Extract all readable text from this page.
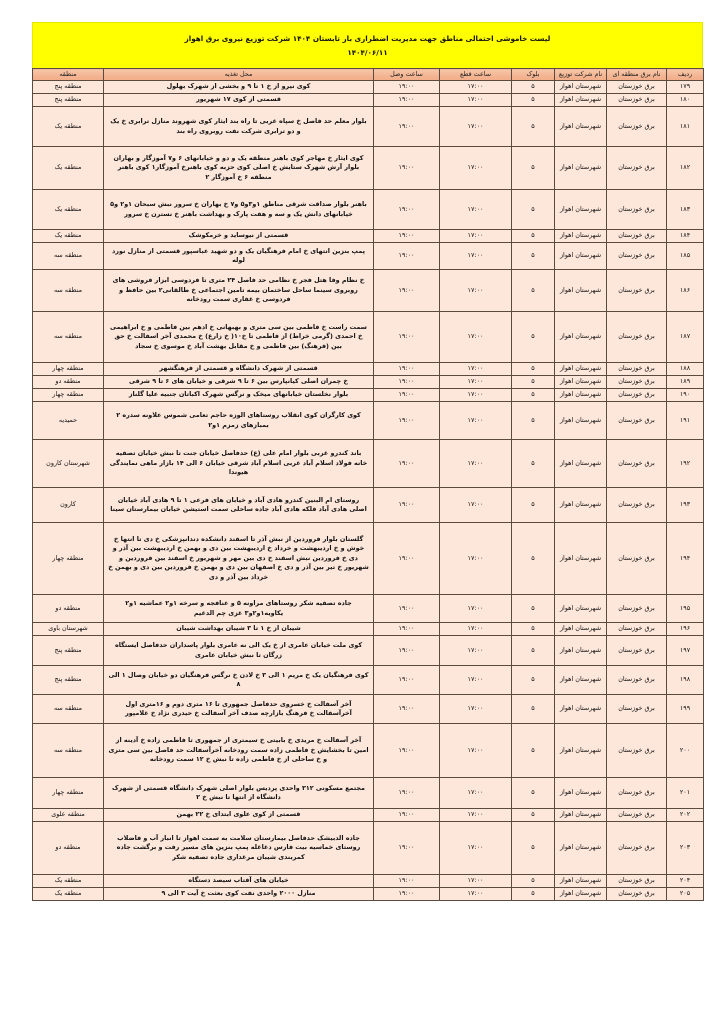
لیست خاموشی احتمالی مناطق جهت مدیریت اضطراری بار تابستان ۱۴۰۴ شرکت توزیع نیروی برق اهواز
۱۴۰۴/۰۶/۱۱
ردیف	نام برق منطقه ای	نام شرکت توزیع	بلوک	ساعت قطع	ساعت وصل	محل تغذیه	منطقه
۱۷۹	برق خوزستان	شهرستان اهواز	۵	۱۷:۰۰	۱۹:۰۰	کوی نیرو از خ ۱ تا ۹ و بخشی از شهرک بهلول	منطقه پنج
۱۸۰	برق خوزستان	شهرستان اهواز	۵	۱۷:۰۰	۱۹:۰۰	قسمتی از کوی ۱۷ شهریور	منطقه پنج
۱۸۱	برق خوزستان	شهرستان اهواز	۵	۱۷:۰۰	۱۹:۰۰	بلوار معلم حد فاصل خ سپاه غربی تا راه بند ایثار کوی شهروند منازل ترابری خ یک و دو ترابری شرکت نفت روبروی راه بند	منطقه یک
۱۸۲	برق خوزستان	شهرستان اهواز	۵	۱۷:۰۰	۱۹:۰۰	کوی ایثار خ مهاجر کوی باهنر منطقه یک و دو و خیابانهای ۶ و۷ آموزگار و بهاران بلوار آرش شهرک ستایش خ اصلی کوی حزبه کوی باهنرخ آموزگار۱ کوی باهنر منطقه ۶ خ آموزگار ۲	منطقه یک
۱۸۳	برق خوزستان	شهرستان اهواز	۵	۱۷:۰۰	۱۹:۰۰	باهنر بلوار صداقت شرقی مناطق ۱و۳و۵ و۷ خ بهاران خ سرور نبش سبحان ۱و۲ و۵ خیابانهای دانش یک و سه و هفت پارک و بهداشت باهنر خ نسترن خ سرور	منطقه یک
۱۸۴	برق خوزستان	شهرستان اهواز	۵	۱۷:۰۰	۱۹:۰۰	قسمتی از نیوساید و خرمکوشک	منطقه یک
۱۸۵	برق خوزستان	شهرستان اهواز	۵	۱۷:۰۰	۱۹:۰۰	پمپ بنزین انتهای خ امام فرهنگیان یک و دو شهید عباسپور قسمتی از منازل نورد لوله	منطقه سه
۱۸۶	برق خوزستان	شهرستان اهواز	۵	۱۷:۰۰	۱۹:۰۰	خ نظام وفا هتل فجر خ نظامی حد فاصل ۲۴ متری تا فردوسی ابزار فروشی های روبروی سینما ساحل ساختمان بیمه تامین اجتماعی خ طالقانی۲ بین حافظ و فردوسی خ غفاری سمت رودخانه	منطقه سه
۱۸۷	برق خوزستان	شهرستان اهواز	۵	۱۷:۰۰	۱۹:۰۰	سمت راست خ فاطمی بین سی متری و بهبهانی خ ادهم بین فاطمی و خ ابراهیمی خ احمدی (گرمی خراط) از فاطمی تا خ۱۰( خ زارع) خ محمدی آخر اسفالت خ حق بین (فرهنگ) بین فاطمی و خ مقابل بهشت آباد خ موسوی خ سجاد	منطقه سه
۱۸۸	برق خوزستان	شهرستان اهواز	۵	۱۷:۰۰	۱۹:۰۰	قسمتی از شهرک دانشگاه و قسمتی از فرهنگشهر	منطقه چهار
۱۸۹	برق خوزستان	شهرستان اهواز	۵	۱۷:۰۰	۱۹:۰۰	خ چمران اصلی کیانپارس بین ۶ تا ۹ شرقی و خیابان های ۶ تا ۹ شرقی	منطقه دو
۱۹۰	برق خوزستان	شهرستان اهواز	۵	۱۷:۰۰	۱۹:۰۰	بلوار نخلستان خیابانهای میخک و نرگس شهرک اکباتان جنبیه علیا گلناز	منطقه چهار
۱۹۱	برق خوزستان	شهرستان اهواز	۵	۱۷:۰۰	۱۹:۰۰	کوی کارگران کوی انقلاب روستاهای الوزه حاجم تعامی شموس علاونه سدره ۲ بمبازهای زمزم ۱و۲	حمیدیه
۱۹۲	برق خوزستان	شهرستان اهواز	۵	۱۷:۰۰	۱۹:۰۰	باند کندرو غربی بلوار امام علی (ع) حدفاصل خیابان جنت تا نبش خیابان تصفیه خانه فولاد اسلام آباد غربی اسلام آباد شرقی خیابان ۶ الی ۱۴ بازار ماهی نمایندگی هیوندا	شهرستان کارون
۱۹۳	برق خوزستان	شهرستان اهواز	۵	۱۷:۰۰	۱۹:۰۰	روستای ام البنین کندرو هادی آباد و خیابان های فرعی ۱ تا ۹ هادی آباد خیابان اصلی هادی آباد فلکه هادی آباد جاده ساحلی سمت استیشن خیابان بیمارستان سینا	کارون
۱۹۴	برق خوزستان	شهرستان اهواز	۵	۱۷:۰۰	۱۹:۰۰	گلستان بلوار فروردین از نبش آذر تا اسفند دانشکده دندانپزشکی خ دی تا انتها خ خوش و خ اردیبهشت و خرداد خ اردیبهشت بین دی و بهمن خ اردیبهشت بین آذر و دی خ فروردین نبش اسفند خ دی بین مهر و شهریور خ اسفند بین فروردین و شهریور خ تیر بین آذر و دی خ اصفهان بین دی و بهمن خ فروردین بین دی و بهمن خ خرداد بین آذر و دی	منطقه چهار
۱۹۵	برق خوزستان	شهرستان اهواز	۵	۱۷:۰۰	۱۹:۰۰	جاده تصفیه شکر روستاهای مراونه ۵ و عنافجه و سرخه ۱و۲ عماشیه ۱و۲ یکاویه۱و۲و۳ غزی چم الدغیم	منطقه دو
۱۹۶	برق خوزستان	شهرستان اهواز	۵	۱۷:۰۰	۱۹:۰۰	شیبان از خ ۱ تا ۳ شیبان بهداشت شیبان	شهرستان باوی
۱۹۷	برق خوزستان	شهرستان اهواز	۵	۱۷:۰۰	۱۹:۰۰	کوی ملت خیابان عامری از خ یک الی نه عامری بلوار پاسداران حدفاصل ایستگاه زرگان تا نبش خیابان عامری	منطقه پنج
۱۹۸	برق خوزستان	شهرستان اهواز	۵	۱۷:۰۰	۱۹:۰۰	کوی فرهنگیان یک خ مریم ۱ الی ۳ خ لادن خ نرگس فرهنگیان دو خیابان وصال ۱ الی ۸	منطقه پنج
۱۹۹	برق خوزستان	شهرستان اهواز	۵	۱۷:۰۰	۱۹:۰۰	آخر آسفالت خ خسروی حدفاصل جمهوری تا ۱۶ متری دوم و ۱۶متری اول آخرآسفالت خ فرهنگ بازارچه صدف آخر آسفالت خ حیدری نژاد خ غلامپور	منطقه سه
۲۰۰	برق خوزستان	شهرستان اهواز	۵	۱۷:۰۰	۱۹:۰۰	آخر آسفالت خ مریدی خ بابیتی خ سیمتری از جمهوری تا فاطمی زاده خ آدینه از امین تا بخشایش خ فاطمی زاده سمت رودخانه آخرآسفالت حد فاصل بین سی متری و خ ساحلی از خ فاطمی زاده تا نبش خ ۱۲ سمت رودخانه	منطقه سه
۲۰۱	برق خوزستان	شهرستان اهواز	۵	۱۷:۰۰	۱۹:۰۰	مجتمع مسکونی ۳۱۲ واحدی پردیس بلوار اصلی شهرک دانشگاه قسمتی از شهرک دانشگاه از انتها تا نبش خ ۲	منطقه چهار
۲۰۲	برق خوزستان	شهرستان اهواز	۵	۱۷:۰۰	۱۹:۰۰	قسمتی از کوی علوی ابتدای خ ۲۲ بهمن	منطقه علوی
۲۰۳	برق خوزستان	شهرستان اهواز	۵	۱۷:۰۰	۱۹:۰۰	جاده الدبیشک حدفاصل بیمارستان سلامت به سمت اهواز تا انبار آب و فاضلاب روستای خماسیه بیت فارس دغاغله پمپ بنزین های مسیر رفت و برگشت جاده کمربندی شیبان مرغداری جاده تصفیه شکر	منطقه دو
۲۰۴	برق خوزستان	شهرستان اهواز	۵	۱۷:۰۰	۱۹:۰۰	خیابان های آفتاب سیصد دستگاه	منطقه یک
۲۰۵	برق خوزستان	شهرستان اهواز	۵	۱۷:۰۰	۱۹:۰۰	منازل ۲۰۰۰ واحدی نفت کوی بعثت خ آیت ۳ الی ۹	منطقه یک
